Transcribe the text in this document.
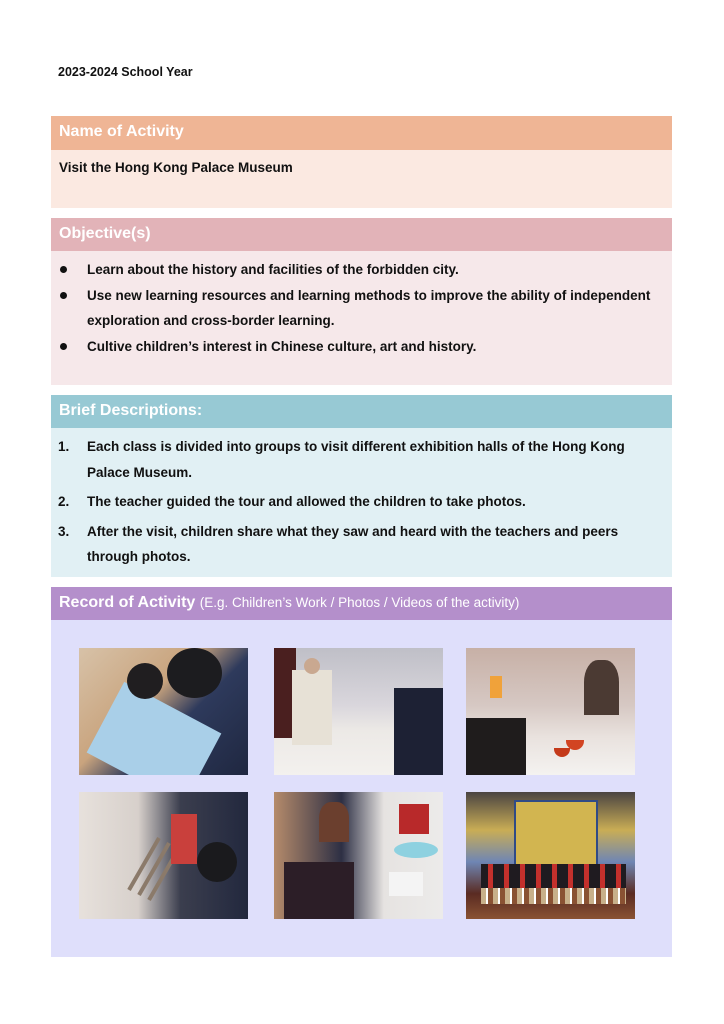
2023-2024 School Year
Name of Activity
Visit the Hong Kong Palace Museum
Objective(s)
Learn about the history and facilities of the forbidden city.
Use new learning resources and learning methods to improve the ability of independent exploration and cross-border learning.
Cultive children’s interest in Chinese culture, art and history.
Brief Descriptions:
1. Each class is divided into groups to visit different exhibition halls of the Hong Kong Palace Museum.
2. The teacher guided the tour and allowed the children to take photos.
3. After the visit, children share what they saw and heard with the teachers and peers through photos.
Record of Activity (E.g. Children’s Work / Photos / Videos of the activity)
